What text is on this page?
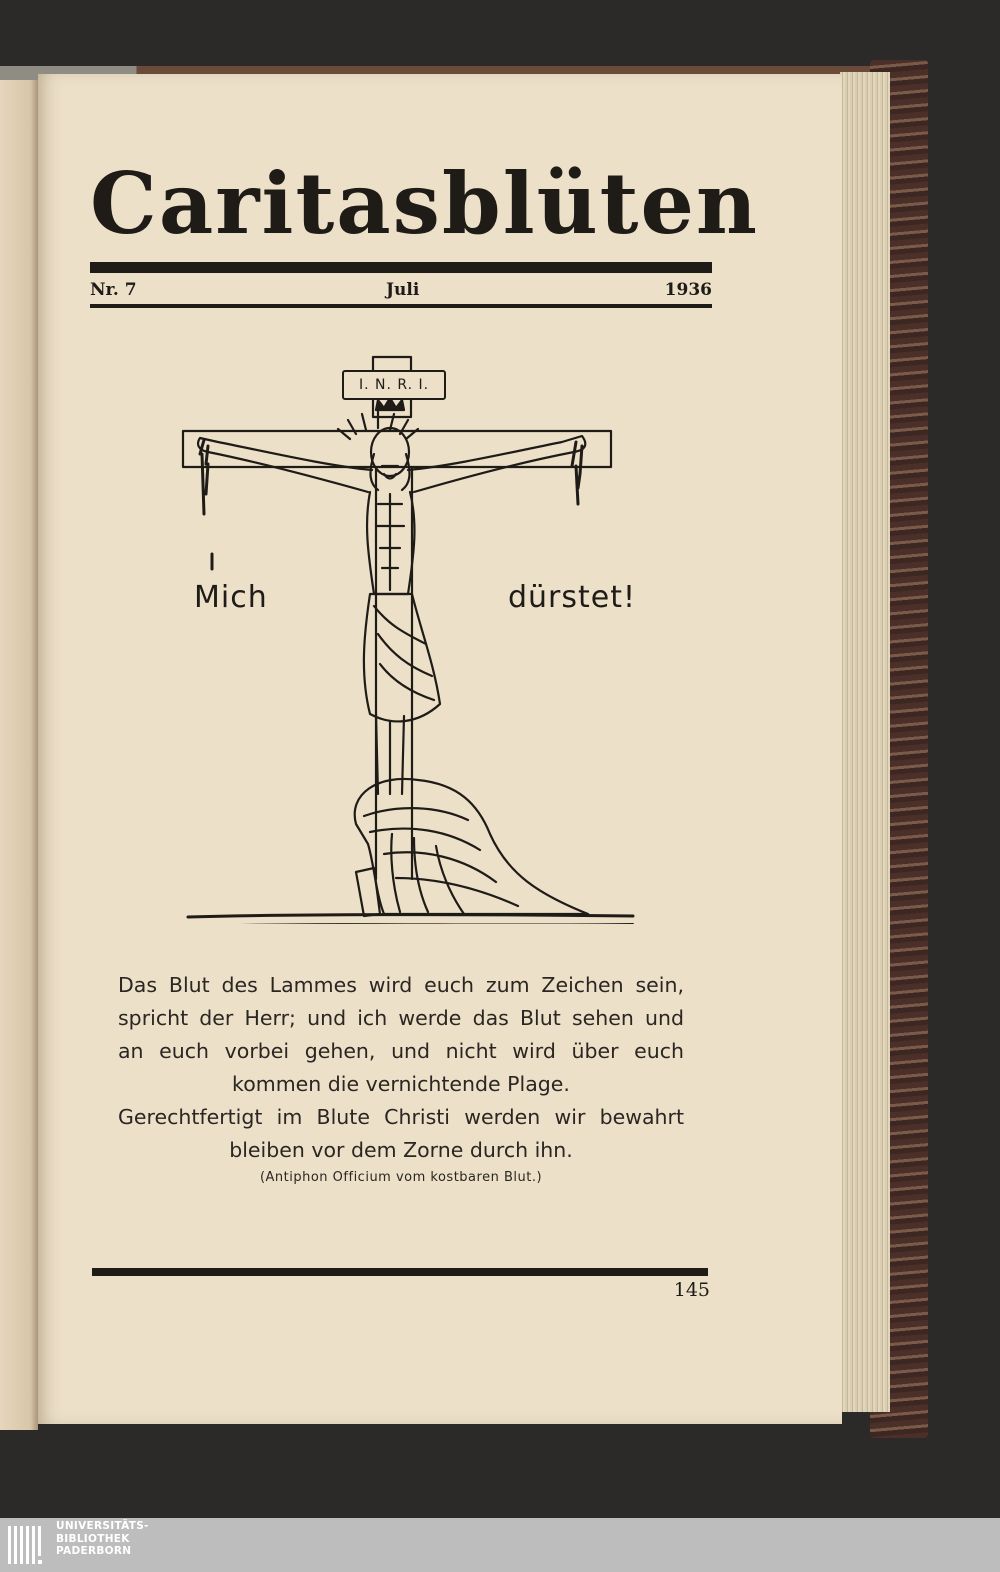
Caritasblüten
Nr. 7	Juli	1936
I. N. R. I.
Mich	dürstet!
Das Blut des Lammes wird euch zum Zeichen sein,
spricht der Herr; und ich werde das Blut sehen und
an euch vorbei gehen, und nicht wird über euch
kommen die vernichtende Plage.
Gerechtfertigt im Blute Christi werden wir bewahrt
bleiben vor dem Zorne durch ihn.
(Antiphon Officium vom kostbaren Blut.)
145
UNIVERSITÄTS-
BIBLIOTHEK
PADERBORN
